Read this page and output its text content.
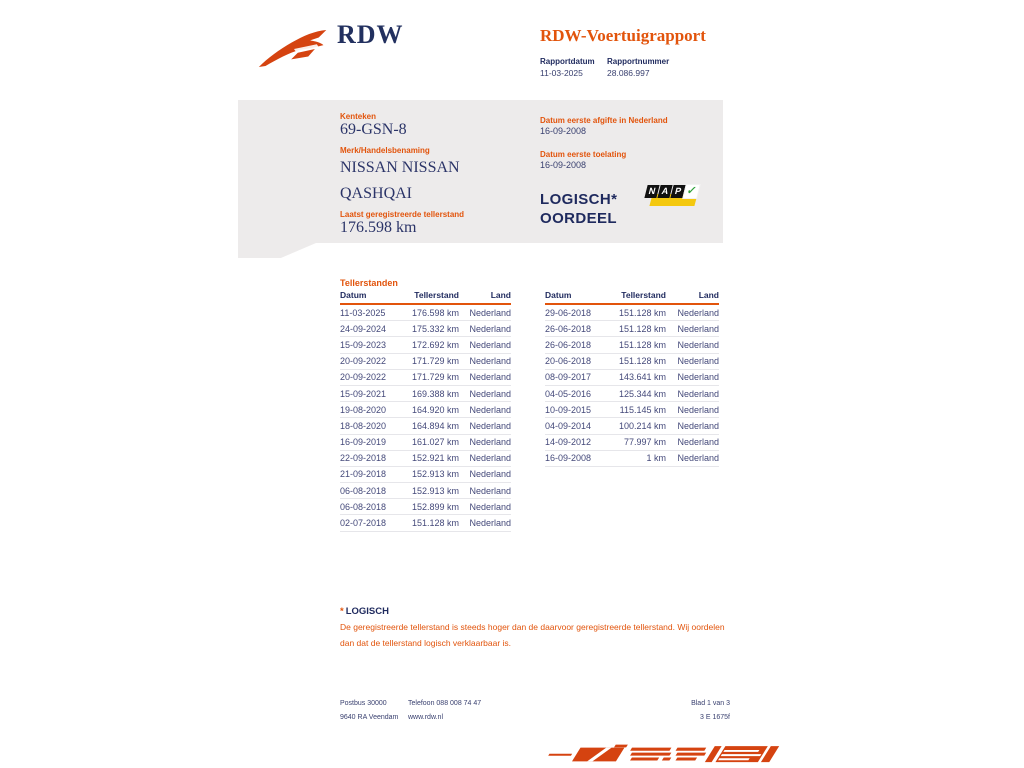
RDW	RDW-Voertuigrapport
Rapportdatum
11-03-2025
Rapportnummer
28.086.997
Kenteken
69-GSN-8
Merk/Handelsbenaming
NISSAN NISSAN QASHQAI
Laatst geregistreerde tellerstand
176.598 km
Datum eerste afgifte in Nederland
16-09-2008
Datum eerste toelating
16-09-2008
LOGISCH*
OORDEEL
N A P ✓
Tellerstanden
Datum	Tellerstand	Land
11-03-2025	176.598 km	Nederland
24-09-2024	175.332 km	Nederland
15-09-2023	172.692 km	Nederland
20-09-2022	171.729 km	Nederland
20-09-2022	171.729 km	Nederland
15-09-2021	169.388 km	Nederland
19-08-2020	164.920 km	Nederland
18-08-2020	164.894 km	Nederland
16-09-2019	161.027 km	Nederland
22-09-2018	152.921 km	Nederland
21-09-2018	152.913 km	Nederland
06-08-2018	152.913 km	Nederland
06-08-2018	152.899 km	Nederland
02-07-2018	151.128 km	Nederland
Datum	Tellerstand	Land
29-06-2018	151.128 km	Nederland
26-06-2018	151.128 km	Nederland
26-06-2018	151.128 km	Nederland
20-06-2018	151.128 km	Nederland
08-09-2017	143.641 km	Nederland
04-05-2016	125.344 km	Nederland
10-09-2015	115.145 km	Nederland
04-09-2014	100.214 km	Nederland
14-09-2012	77.997 km	Nederland
16-09-2008	1 km	Nederland
* LOGISCH
De geregistreerde tellerstand is steeds hoger dan de daarvoor geregistreerde tellerstand. Wij oordelen dan dat de tellerstand logisch verklaarbaar is.
Postbus 30000
9640 RA Veendam
Telefoon 088 008 74 47
www.rdw.nl
Blad 1 van 3
3 E 1675f
